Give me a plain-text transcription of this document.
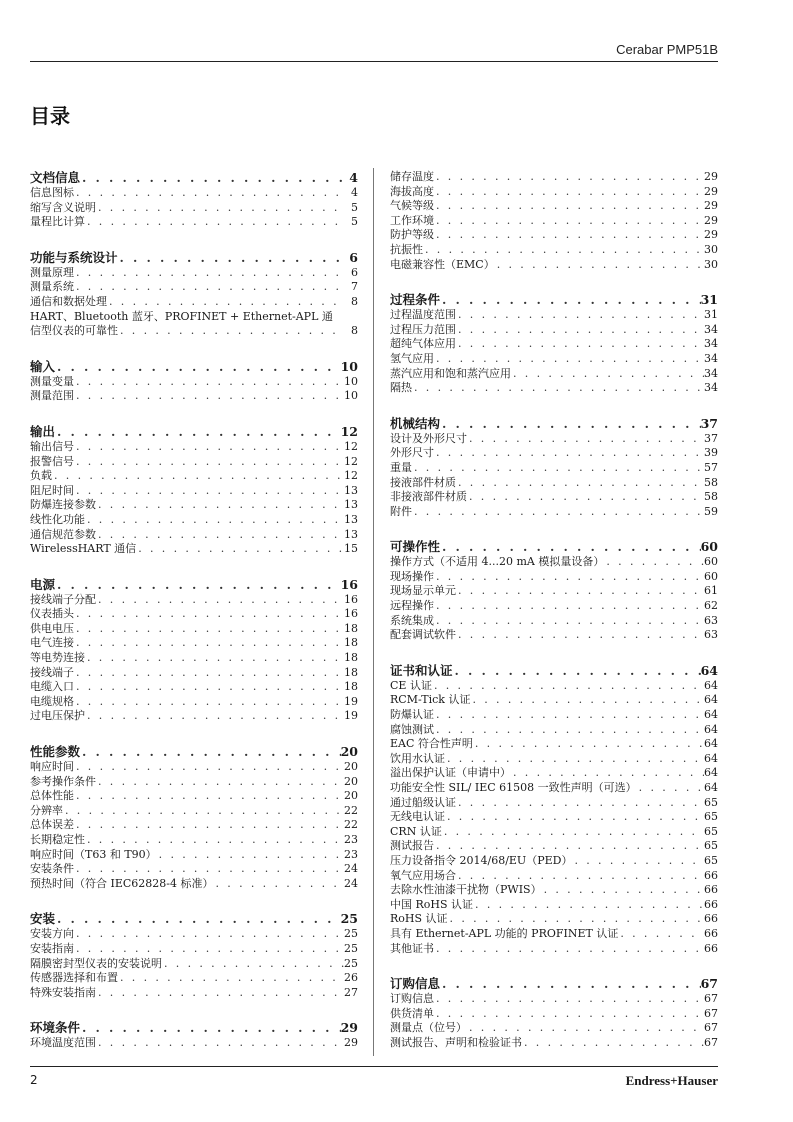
Cerabar PMP51B
目录
文档信息 . . .	4
信息图标 . . .	4
缩写含义说明 . . .	5
量程比计算 . . .	5
功能与系统设计 . . .	6
测量原理 . . .	6
测量系统 . . .	7
通信和数据处理 . . .	8
HART、Bluetooth 蓝牙、PROFINET + Ethernet-APL 通
信型仪表的可靠性 . . .	8
输入 . . .	10
测量变量 . . .	10
测量范围 . . .	10
输出 . . .	12
输出信号 . . .	12
报警信号 . . .	12
负载 . . .	12
阻尼时间 . . .	13
防爆连接参数 . . .	13
线性化功能 . . .	13
通信规范参数 . . .	13
WirelessHART 通信 . . .	15
电源 . . .	16
接线端子分配 . . .	16
仪表插头 . . .	16
供电电压 . . .	18
电气连接 . . .	18
等电势连接 . . .	18
接线端子 . . .	18
电缆入口 . . .	18
电缆规格 . . .	19
过电压保护 . . .	19
性能参数 . . .	20
响应时间 . . .	20
参考操作条件 . . .	20
总体性能 . . .	20
分辨率 . . .	22
总体误差 . . .	22
长期稳定性 . . .	23
响应时间（T63 和 T90） . . .	23
安装条件 . . .	24
预热时间（符合 IEC62828-4 标准） . . .	24
安装 . . .	25
安装方向 . . .	25
安装指南 . . .	25
隔膜密封型仪表的安装说明 . . .	25
传感器选择和布置 . . .	26
特殊安装指南 . . .	27
环境条件 . . .	29
环境温度范围 . . .	29
储存温度 . . .	29
海拔高度 . . .	29
气候等级 . . .	29
工作环境 . . .	29
防护等级 . . .	29
抗振性 . . .	30
电磁兼容性（EMC） . . .	30
过程条件 . . .	31
过程温度范围 . . .	31
过程压力范围 . . .	34
超纯气体应用 . . .	34
氢气应用 . . .	34
蒸汽应用和饱和蒸汽应用 . . .	34
隔热 . . .	34
机械结构 . . .	37
设计及外形尺寸 . . .	37
外形尺寸 . . .	39
重量 . . .	57
接液部件材质 . . .	58
非接液部件材质 . . .	58
附件 . . .	59
可操作性 . . .	60
操作方式（不适用 4...20 mA 模拟量设备） . . .	60
现场操作 . . .	60
现场显示单元 . . .	61
远程操作 . . .	62
系统集成 . . .	63
配套调试软件 . . .	63
证书和认证 . . .	64
CE 认证 . . .	64
RCM-Tick 认证 . . .	64
防爆认证 . . .	64
腐蚀测试 . . .	64
EAC 符合性声明 . . .	64
饮用水认证 . . .	64
溢出保护认证（申请中） . . .	64
功能安全性 SIL/ IEC 61508 一致性声明（可选） . . .	64
通过船级认证 . . .	65
无线电认证 . . .	65
CRN 认证 . . .	65
测试报告 . . .	65
压力设备指令 2014/68/EU（PED） . . .	65
氧气应用场合 . . .	66
去除水性油漆干扰物（PWIS） . . .	66
中国 RoHS 认证 . . .	66
RoHS 认证 . . .	66
具有 Ethernet-APL 功能的 PROFINET 认证 . . .	66
其他证书 . . .	66
订购信息 . . .	67
订购信息 . . .	67
供货清单 . . .	67
测量点（位号） . . .	67
测试报告、声明和检验证书 . . .	67
2	Endress+Hauser
